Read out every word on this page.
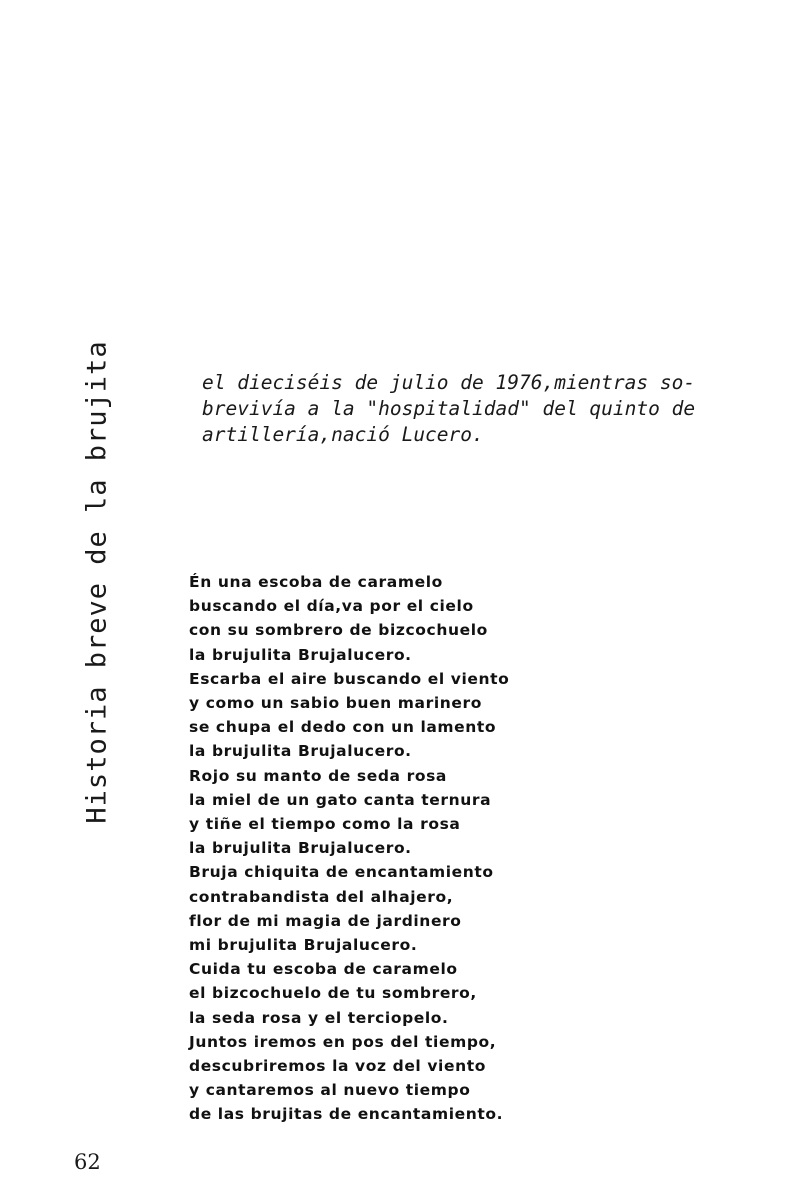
Historia breve de la brujita	el dieciséis de julio de 1976,mientras so-
brevivía a la "hospitalidad" del quinto de
artillería,nació Lucero.
Én una escoba de caramelo
buscando el día,va por el cielo
con su sombrero de bizcochuelo
la brujulita Brujalucero.
Escarba el aire buscando el viento
y como un sabio buen marinero
se chupa el dedo con un lamento
la brujulita Brujalucero.
Rojo su manto de seda rosa
la miel de un gato canta ternura
y tiñe el tiempo como la rosa
la brujulita Brujalucero.
Bruja chiquita de encantamiento
contrabandista del alhajero,
flor de mi magia de jardinero
mi brujulita Brujalucero.
Cuida tu escoba de caramelo
el bizcochuelo de tu sombrero,
la seda rosa y el terciopelo.
Juntos iremos en pos del tiempo,
descubriremos la voz del viento
y cantaremos al nuevo tiempo
de las brujitas de encantamiento.
62
